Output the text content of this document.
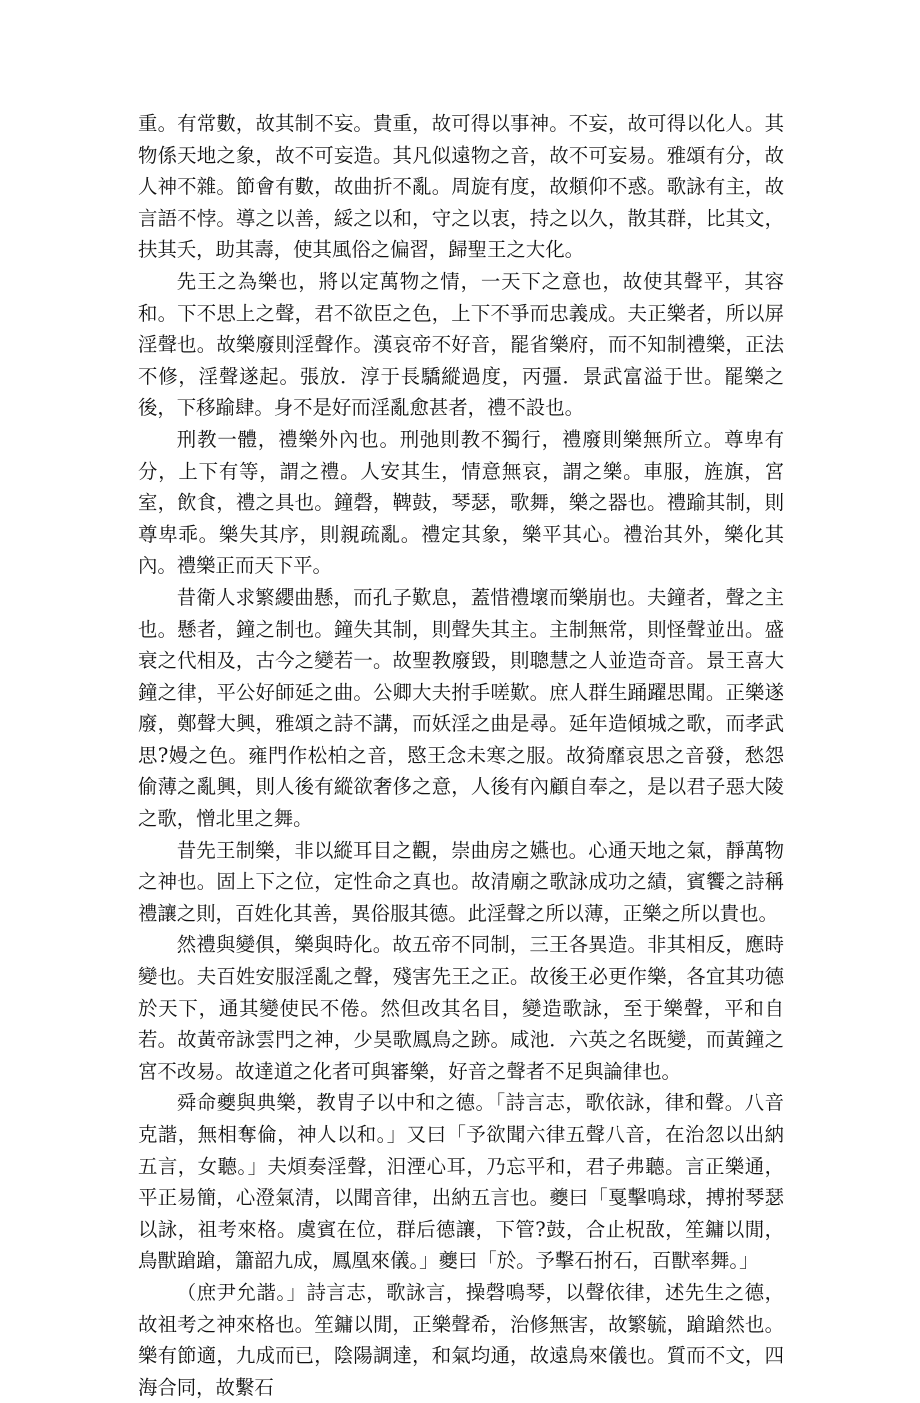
重。有常數，故其制不妄。貴重，故可得以事神。不妄，故可得以化人。其物係天地之象，故不可妄造。其凡似遠物之音，故不可妄易。雅頌有分，故人神不雜。節會有數，故曲折不亂。周旋有度，故頫仰不惑。歌詠有主，故言語不悖。導之以善，綏之以和，守之以衷，持之以久，散其群，比其文，扶其夭，助其壽，使其風俗之偏習，歸聖王之大化。

先王之為樂也，將以定萬物之情，一天下之意也，故使其聲平，其容和。下不思上之聲，君不欲臣之色，上下不爭而忠義成。夫正樂者，所以屏淫聲也。故樂廢則淫聲作。漢哀帝不好音，罷省樂府，而不知制禮樂，正法不修，淫聲遂起。張放．淳于長驕縱過度，丙彊．景武富溢于世。罷樂之後，下移踰肆。身不是好而淫亂愈甚者，禮不設也。

刑教一體，禮樂外內也。刑弛則教不獨行，禮廢則樂無所立。尊卑有分，上下有等，謂之禮。人安其生，情意無哀，謂之樂。車服，旌旗，宮室，飲食，禮之具也。鐘磬，鞞鼓，琴瑟，歌舞，樂之器也。禮踰其制，則尊卑乖。樂失其序，則親疏亂。禮定其象，樂平其心。禮治其外，樂化其內。禮樂正而天下平。

昔衛人求繁纓曲懸，而孔子歎息，蓋惜禮壞而樂崩也。夫鐘者，聲之主也。懸者，鐘之制也。鐘失其制，則聲失其主。主制無常，則怪聲並出。盛衰之代相及，古今之變若一。故聖教廢毀，則聰慧之人並造奇音。景王喜大鐘之律，平公好師延之曲。公卿大夫拊手嗟歎。庶人群生踊躍思聞。正樂遂廢，鄭聲大興，雅頌之詩不講，而妖淫之曲是尋。延年造傾城之歌，而孝武思?嫚之色。雍門作松柏之音，愍王念未寒之服。故猗靡哀思之音發，愁怨偷薄之亂興，則人後有縱欲奢侈之意，人後有內顧自奉之，是以君子惡大陵之歌，憎北里之舞。

昔先王制樂，非以縱耳目之觀，崇曲房之嬿也。心通天地之氣，靜萬物之神也。固上下之位，定性命之真也。故清廟之歌詠成功之績，賓饗之詩稱禮讓之則，百姓化其善，異俗服其德。此淫聲之所以薄，正樂之所以貴也。

然禮與變俱，樂與時化。故五帝不同制，三王各異造。非其相反，應時變也。夫百姓安服淫亂之聲，殘害先王之正。故後王必更作樂，各宜其功德於天下，通其變使民不倦。然但改其名目，變造歌詠，至于樂聲，平和自若。故黃帝詠雲門之神，少昊歌鳳鳥之跡。咸池．六英之名既變，而黃鐘之宮不改易。故達道之化者可與審樂，好音之聲者不足與論律也。

舜命夔與典樂，教胄子以中和之德。「詩言志，歌依詠，律和聲。八音克諧，無相奪倫，神人以和。」又曰「予欲聞六律五聲八音，在治忽以出納五言，女聽。」夫煩奏淫聲，汨湮心耳，乃忘平和，君子弗聽。言正樂通，平正易簡，心澄氣清，以聞音律，出納五言也。夔曰「戛擊鳴球，搏拊琴瑟以詠，祖考來格。虞賓在位，群后德讓，下管?鼓，合止柷敔，笙鏞以閒，鳥獸蹌蹌，簫韶九成，鳳凰來儀。」夔曰「於。予擊石拊石，百獸率舞。」

（庶尹允諧。」詩言志，歌詠言，操磬鳴琴，以聲依律，述先生之德，故祖考之神來格也。笙鏞以閒，正樂聲希，治修無害，故繁毓，蹌蹌然也。樂有節適，九成而已，陰陽調達，和氣均通，故遠鳥來儀也。質而不文，四海合同，故繫石
